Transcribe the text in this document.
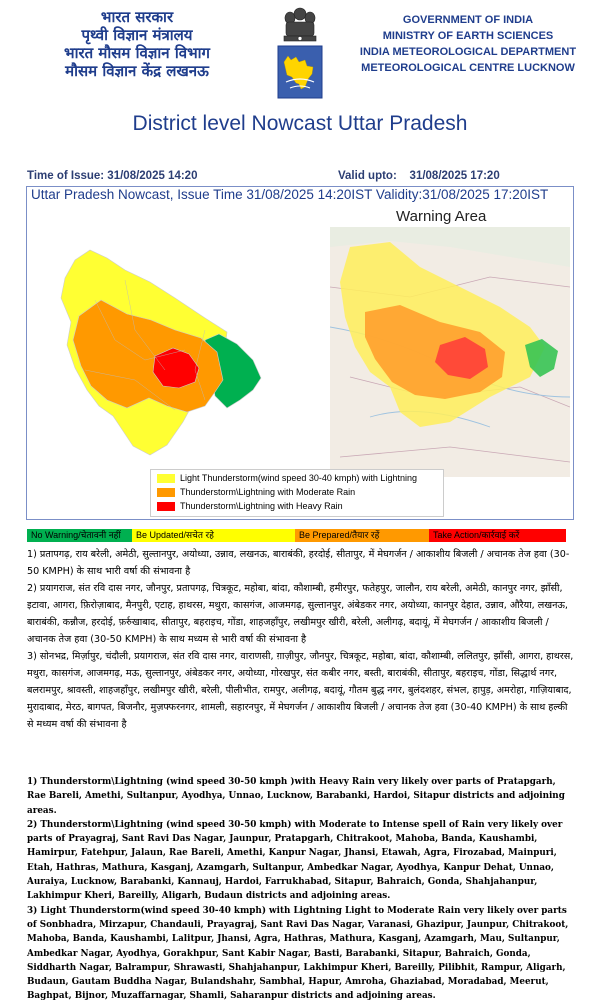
भारत सरकार
पृथ्वी विज्ञान मंत्रालय
भारत मौसम विज्ञान विभाग
मौसम विज्ञान केंद्र लखनऊ
GOVERNMENT OF INDIA
MINISTRY OF EARTH SCIENCES
INDIA METEOROLOGICAL DEPARTMENT
METEOROLOGICAL CENTRE LUCKNOW
District level Nowcast Uttar Pradesh
Time of Issue: 31/08/2025 14:20	Valid upto:    31/08/2025 17:20
Uttar Pradesh Nowcast, Issue Time 31/08/2025 14:20IST Validity:31/08/2025 17:20IST
Warning Area
Light Thunderstorm(wind speed 30-40 kmph) with Lightning
Thunderstorm\Lightning with Moderate Rain
Thunderstorm\Lightning with Heavy Rain
No Warning/चेतावनी नहीं	Be Updated/सचेत रहे	Be Prepared/तैयार रहें	Take Action/कार्रवाई करें

1) प्रतापगढ़, राय बरेली, अमेठी, सुल्तानपुर, अयोध्या, उन्नाव, लखनऊ, बाराबंकी, हरदोई, सीतापुर, में मेघगर्जन / आकाशीय बिजली / अचानक तेज हवा (30-50 KMPH) के साथ भारी वर्षा की संभावना है

2) प्रयागराज, संत रवि दास नगर, जौनपुर, प्रतापगढ़, चित्रकूट, महोबा, बांदा, कौशाम्बी, हमीरपुर, फतेहपुर, जालौन, राय बरेली, अमेठी, कानपुर नगर, झाँसी, इटावा, आगरा, फ़िरोज़ाबाद, मैनपुरी, एटाह, हाथरस, मथुरा, कासगंज, आजमगढ़, सुल्तानपुर, अंबेडकर नगर, अयोध्या, कानपुर देहात, उन्नाव, औरैया, लखनऊ, बाराबंकी, कन्नौज, हरदोई, फ़र्रुखाबाद, सीतापुर, बहराइच, गोंडा, शाहजहाँपुर, लखीमपुर खीरी, बरेली, अलीगढ़, बदायूं, में मेघगर्जन / आकाशीय बिजली / अचानक तेज हवा (30-50 KMPH) के साथ मध्यम से भारी वर्षा की संभावना है

3) सोनभद्र, मिर्ज़ापुर, चंदौली, प्रयागराज, संत रवि दास नगर, वाराणसी, ग़ाज़ीपुर, जौनपुर, चित्रकूट, महोबा, बांदा, कौशाम्बी, ललितपुर, झाँसी, आगरा, हाथरस, मथुरा, कासगंज, आजमगढ़, मऊ, सुल्तानपुर, अंबेडकर नगर, अयोध्या, गोरखपुर, संत कबीर नगर, बस्ती, बाराबंकी, सीतापुर, बहराइच, गोंडा, सिद्धार्थ नगर, बलरामपुर, श्रावस्ती, शाहजहाँपुर, लखीमपुर खीरी, बरेली, पीलीभीत, रामपुर, अलीगढ़, बदायूं, गौतम बुद्ध नगर, बुलंदशहर, संभल, हापुड़, अमरोहा, गाज़ियाबाद, मुरादाबाद, मेरठ, बागपत, बिजनौर, मुज़फ्फरनगर, शामली, सहारनपुर, में मेघगर्जन / आकाशीय बिजली / अचानक तेज हवा (30-40 KMPH) के साथ हल्की से मध्यम वर्षा की संभावना है

1) Thunderstorm\Lightning (wind speed 30-50 kmph )with Heavy Rain very likely over parts of Pratapgarh, Rae Bareli, Amethi, Sultanpur, Ayodhya, Unnao, Lucknow, Barabanki, Hardoi, Sitapur districts and adjoining areas.

2) Thunderstorm\Lightning (wind speed 30-50 kmph) with Moderate to Intense spell of Rain very likely over parts of Prayagraj, Sant Ravi Das Nagar, Jaunpur, Pratapgarh, Chitrakoot, Mahoba, Banda, Kaushambi, Hamirpur, Fatehpur, Jalaun, Rae Bareli, Amethi, Kanpur Nagar, Jhansi, Etawah, Agra, Firozabad, Mainpuri, Etah, Hathras, Mathura, Kasganj, Azamgarh, Sultanpur, Ambedkar Nagar, Ayodhya, Kanpur Dehat, Unnao, Auraiya, Lucknow, Barabanki, Kannauj, Hardoi, Farrukhabad, Sitapur, Bahraich, Gonda, Shahjahanpur, Lakhimpur Kheri, Bareilly, Aligarh, Budaun districts and adjoining areas.

3) Light Thunderstorm(wind speed 30-40 kmph) with Lightning Light to Moderate Rain very likely over parts of Sonbhadra, Mirzapur, Chandauli, Prayagraj, Sant Ravi Das Nagar, Varanasi, Ghazipur, Jaunpur, Chitrakoot, Mahoba, Banda, Kaushambi, Lalitpur, Jhansi, Agra, Hathras, Mathura, Kasganj, Azamgarh, Mau, Sultanpur, Ambedkar Nagar, Ayodhya, Gorakhpur, Sant Kabir Nagar, Basti, Barabanki, Sitapur, Bahraich, Gonda, Siddharth Nagar, Balrampur, Shrawasti, Shahjahanpur, Lakhimpur Kheri, Bareilly, Pilibhit, Rampur, Aligarh, Budaun, Gautam Buddha Nagar, Bulandshahr, Sambhal, Hapur, Amroha, Ghaziabad, Moradabad, Meerut, Baghpat, Bijnor, Muzaffarnagar, Shamli, Saharanpur districts and adjoining areas.
